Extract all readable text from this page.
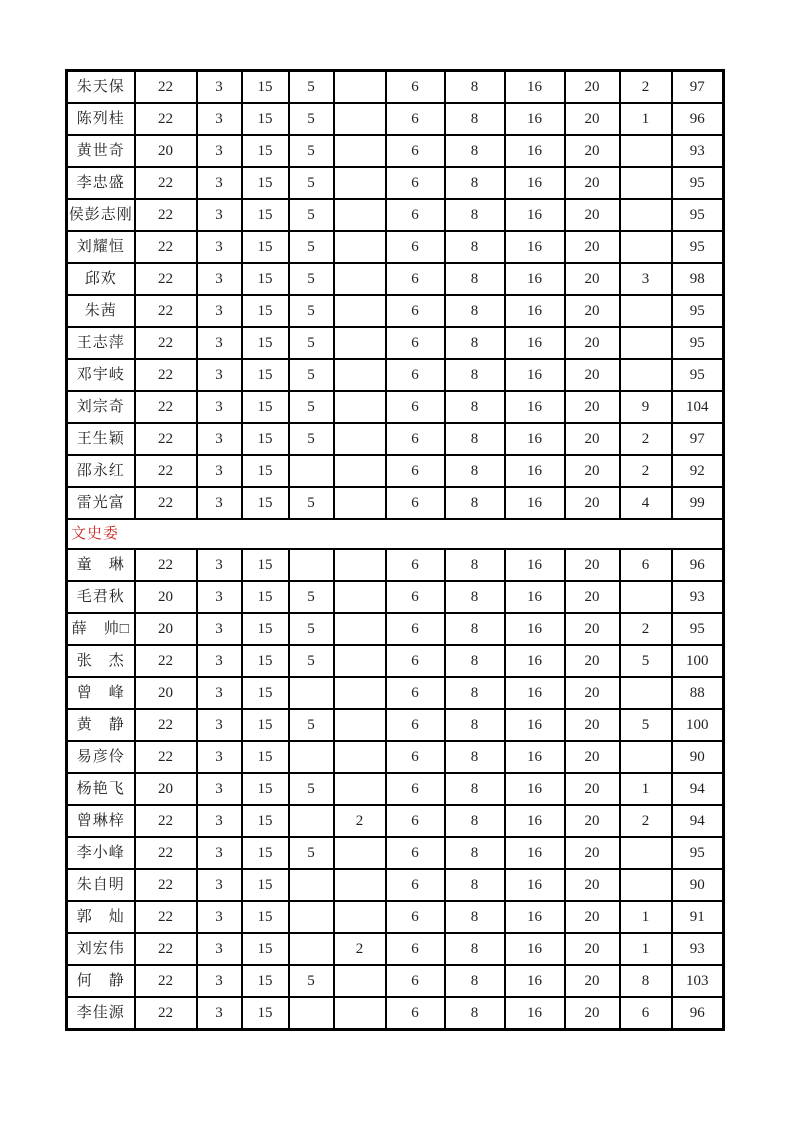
朱天保	22	3	15	5		6	8	16	20	2	97
陈列桂	22	3	15	5		6	8	16	20	1	96
黄世奇	20	3	15	5		6	8	16	20		93
李忠盛	22	3	15	5		6	8	16	20		95
侯彭志刚	22	3	15	5		6	8	16	20		95
刘耀恒	22	3	15	5		6	8	16	20		95
邱欢	22	3	15	5		6	8	16	20	3	98
朱茜	22	3	15	5		6	8	16	20		95
王志萍	22	3	15	5		6	8	16	20		95
邓宇岐	22	3	15	5		6	8	16	20		95
刘宗奇	22	3	15	5		6	8	16	20	9	104
王生颖	22	3	15	5		6	8	16	20	2	97
邵永红	22	3	15			6	8	16	20	2	92
雷光富	22	3	15	5		6	8	16	20	4	99
文史委											
童　琳	22	3	15			6	8	16	20	6	96
毛君秋	20	3	15	5		6	8	16	20		93
薛　帅□	20	3	15	5		6	8	16	20	2	95
张　杰	22	3	15	5		6	8	16	20	5	100
曾　峰	20	3	15			6	8	16	20		88
黄　静	22	3	15	5		6	8	16	20	5	100
易彦伶	22	3	15			6	8	16	20		90
杨艳飞	20	3	15	5		6	8	16	20	1	94
曾琳梓	22	3	15		2	6	8	16	20	2	94
李小峰	22	3	15	5		6	8	16	20		95
朱自明	22	3	15			6	8	16	20		90
郭　灿	22	3	15			6	8	16	20	1	91
刘宏伟	22	3	15		2	6	8	16	20	1	93
何　静	22	3	15	5		6	8	16	20	8	103
李佳源	22	3	15			6	8	16	20	6	96
